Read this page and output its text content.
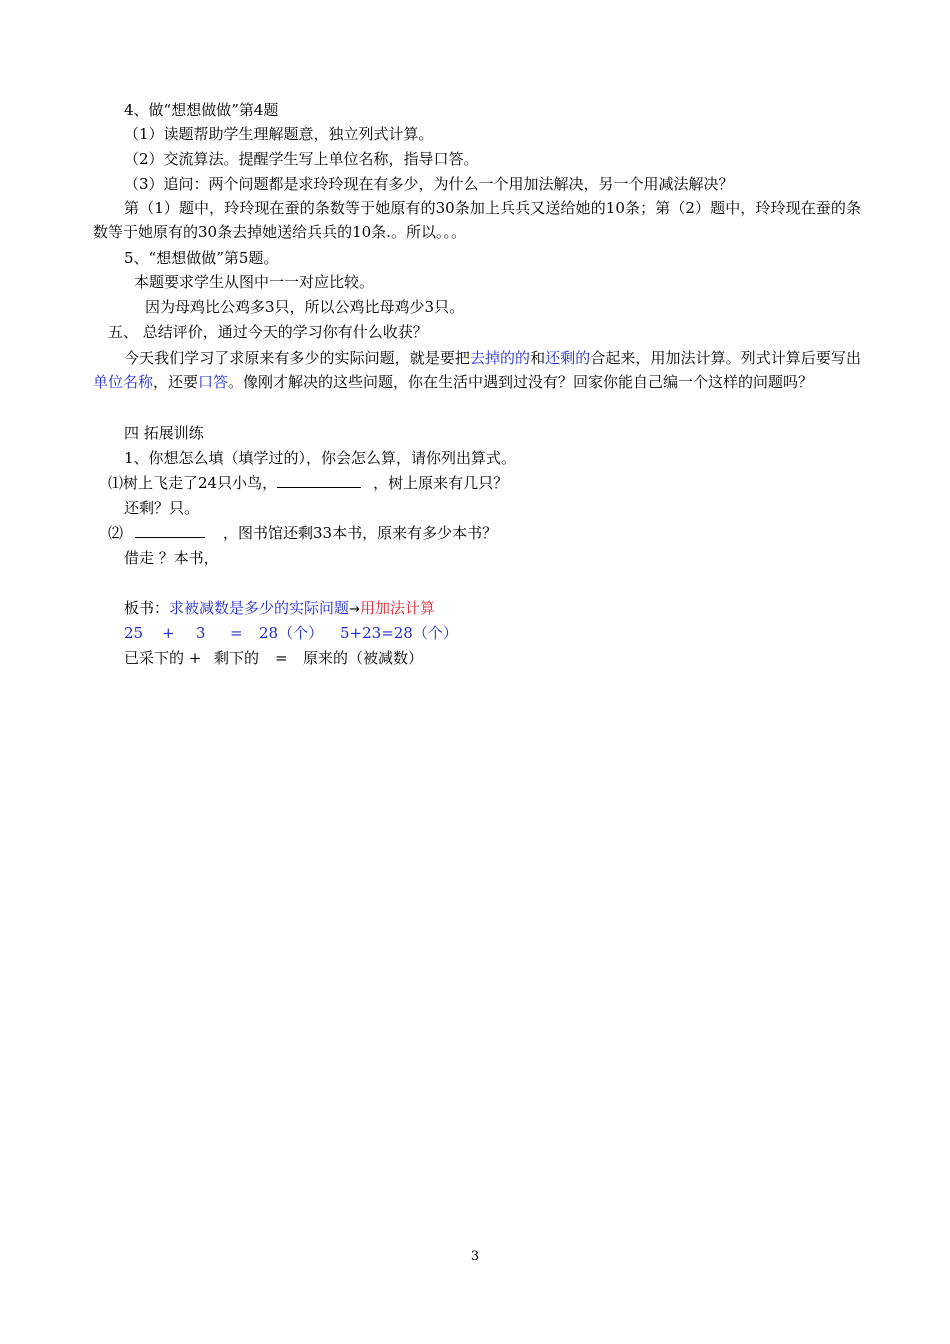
4、做“想想做做”第4题
（1）读题帮助学生理解题意，独立列式计算。
（2）交流算法。提醒学生写上单位名称，指导口答。
（3）追问：两个问题都是求玲玲现在有多少，为什么一个用加法解决，另一个用减法解决？
第（1）题中，玲玲现在蚕的条数等于她原有的30条加上兵兵又送给她的10条；第（2）题中，玲玲现在蚕的条数等于她原有的30条去掉她送给兵兵的10条.。所以。。。
5、“想想做做”第5题。
本题要求学生从图中一一对应比较。
因为母鸡比公鸡多3只，所以公鸡比母鸡少3只。
五、 总结评价，通过今天的学习你有什么收获？
今天我们学习了求原来有多少的实际问题，就是要把去掉的的和还剩的合起来，用加法计算。列式计算后要写出单位名称，还要口答。像刚才解决的这些问题，你在生活中遇到过没有？回家你能自己编一个这样的问题吗？
四 拓展训练
1、你想怎么填（填学过的），你会怎么算，请你列出算式。
⑴树上飞走了24只小鸟，	，树上原来有几只？
还剩？只。
⑵	，图书馆还剩33本书，原来有多少本书？
借走 ？本书，
板书：求被减数是多少的实际问题→用加法计算
25 + 3 = 28（个） 5+23=28（个）
已采下的 + 剩下的 = 原来的（被减数）
3
